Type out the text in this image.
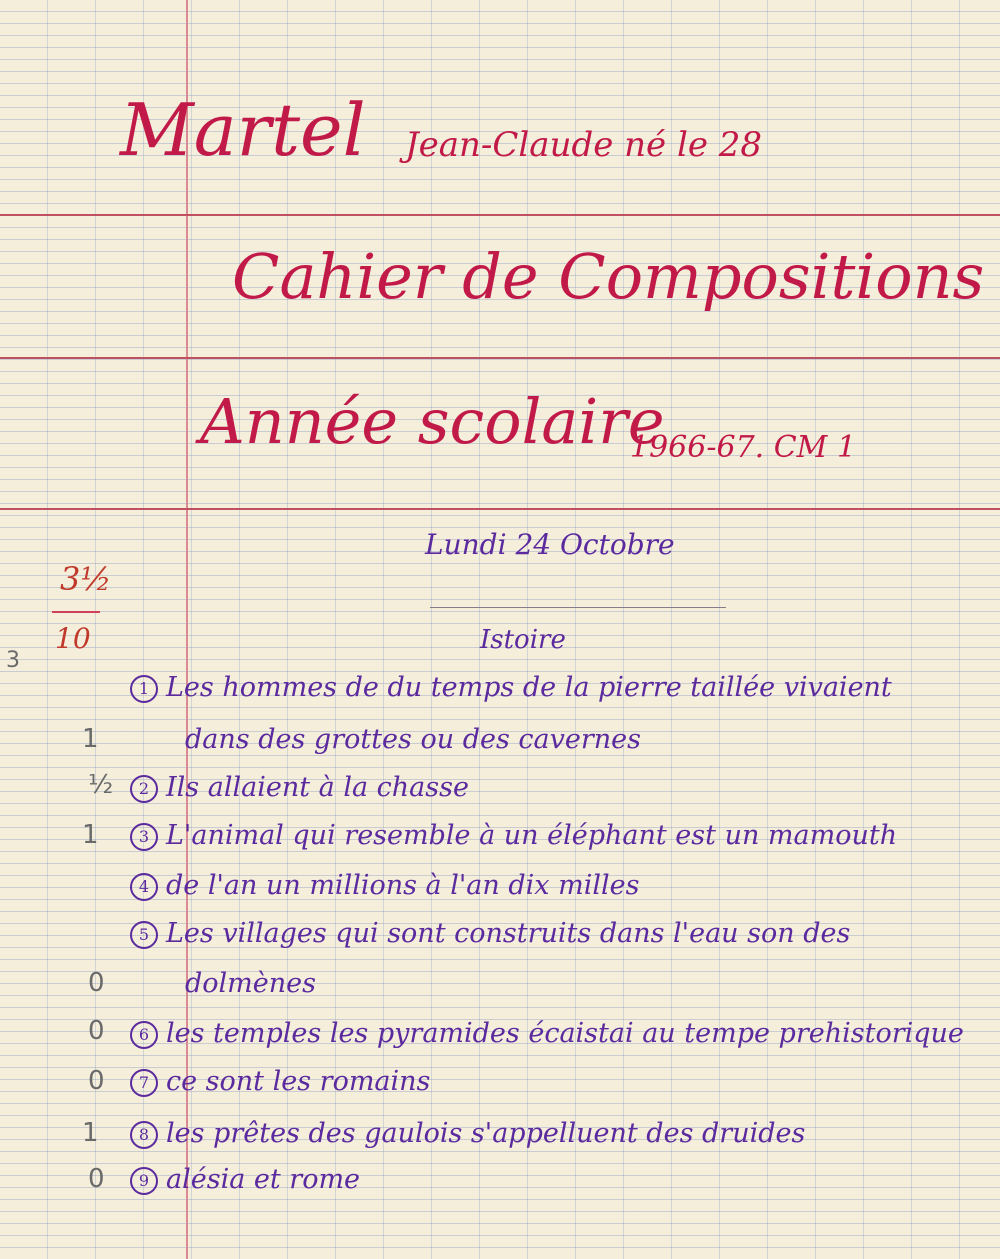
Martel Jean-Claude né le 28
Cahier de Compositions
Année scolaire
1966-67. CM 1
Lundi 24 Octobre
Istoire
3½
10
3
1 Les hommes de du temps de la pierre taillée vivaient
dans des grottes ou des cavernes
1
2 Ils allaient à la chasse
½
3 L'animal qui resemble à un éléphant est un mamouth
1
4 de l'an un millions à l'an dix milles
5 Les villages qui sont construits dans l'eau son des
dolmènes
0
6 les temples les pyramides écaistai au tempe prehistorique
0
7 ce sont les romains
0
8 les prêtes des gaulois s'appelluent des druides
1
9 alésia et rome
0
